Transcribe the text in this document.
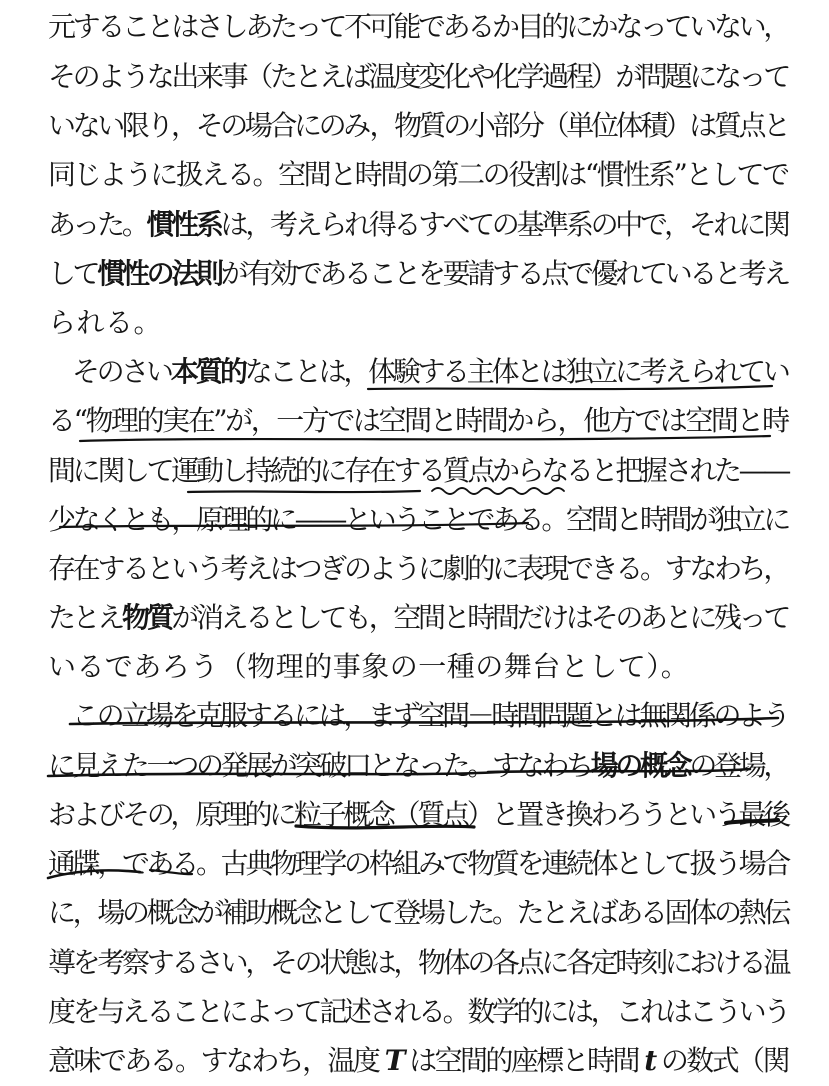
元することはさしあたって不可能であるか目的にかなっていない，
そのような出来事（たとえば温度変化や化学過程）が問題になって
いない限り，その場合にのみ，物質の小部分（単位体積）は質点と
同じように扱える。空間と時間の第二の役割は“慣性系”としてで
あった。慣性系は，考えられ得るすべての基準系の中で，それに関
して慣性の法則が有効であることを要請する点で優れていると考え
られる。
そのさい本質的なことは，体験する主体とは独立に考えられてい
る“物理的実在”が，一方では空間と時間から，他方では空間と時
間に関して運動し持続的に存在する質点からなると把握された——
少なくとも，原理的に——ということである。空間と時間が独立に
存在するという考えはつぎのように劇的に表現できる。すなわち，
たとえ物質が消えるとしても，空間と時間だけはそのあとに残って
いるであろう（物理的事象の一種の舞台として）。
この立場を克服するには，まず空間－時間問題とは無関係のよう
に見えた一つの発展が突破口となった。すなわち場の概念の登場，
およびその，原理的に粒子概念（質点）と置き換わろうという最後
通牒，である。古典物理学の枠組みで物質を連続体として扱う場合
に，場の概念が補助概念として登場した。たとえばある固体の熱伝
導を考察するさい，その状態は，物体の各点に各定時刻における温
度を与えることによって記述される。数学的には，これはこういう
意味である。すなわち，温度 T は空間的座標と時間 t の数式（関
